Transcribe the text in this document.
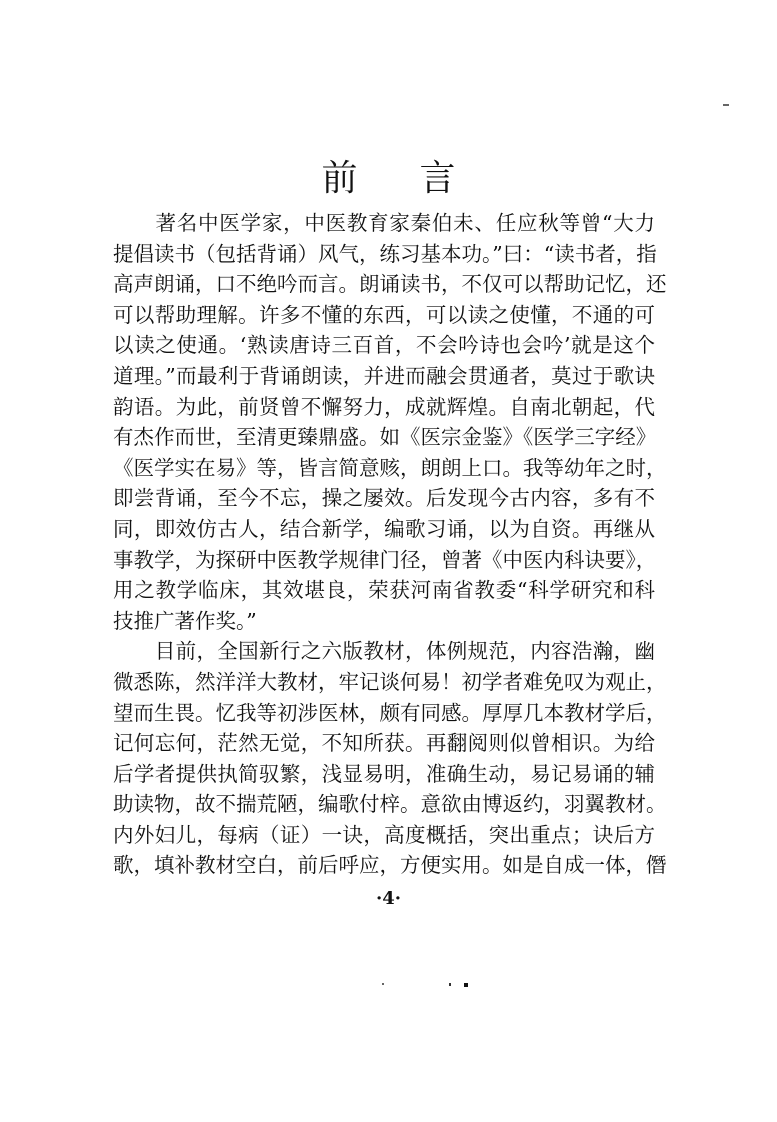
前 言
　　著名中医学家，中医教育家秦伯未、任应秋等曾“大力
提倡读书（包括背诵）风气，练习基本功。”曰：“读书者，指
高声朗诵，口不绝吟而言。朗诵读书，不仅可以帮助记忆，还
可以帮助理解。许多不懂的东西，可以读之使懂，不通的可
以读之使通。‘熟读唐诗三百首，不会吟诗也会吟’就是这个
道理。”而最利于背诵朗读，并进而融会贯通者，莫过于歌诀
韵语。为此，前贤曾不懈努力，成就辉煌。自南北朝起，代
有杰作而世，至清更臻鼎盛。如《医宗金鉴》《医学三字经》
《医学实在易》等，皆言简意赅，朗朗上口。我等幼年之时，
即尝背诵，至今不忘，操之屡效。后发现今古内容，多有不
同，即效仿古人，结合新学，编歌习诵，以为自资。再继从
事教学，为探研中医教学规律门径，曾著《中医内科诀要》，
用之教学临床，其效堪良，荣获河南省教委“科学研究和科
技推广著作奖。”
　　目前，全国新行之六版教材，体例规范，内容浩瀚，幽
微悉陈，然洋洋大教材，牢记谈何易！初学者难免叹为观止，
望而生畏。忆我等初涉医林，颇有同感。厚厚几本教材学后，
记何忘何，茫然无觉，不知所获。再翻阅则似曾相识。为给
后学者提供执简驭繁，浅显易明，准确生动，易记易诵的辅
助读物，故不揣荒陋，编歌付梓。意欲由博返约，羽翼教材。
内外妇儿，每病（证）一诀，高度概括，突出重点；诀后方
歌，填补教材空白，前后呼应，方便实用。如是自成一体，僭
·4·
